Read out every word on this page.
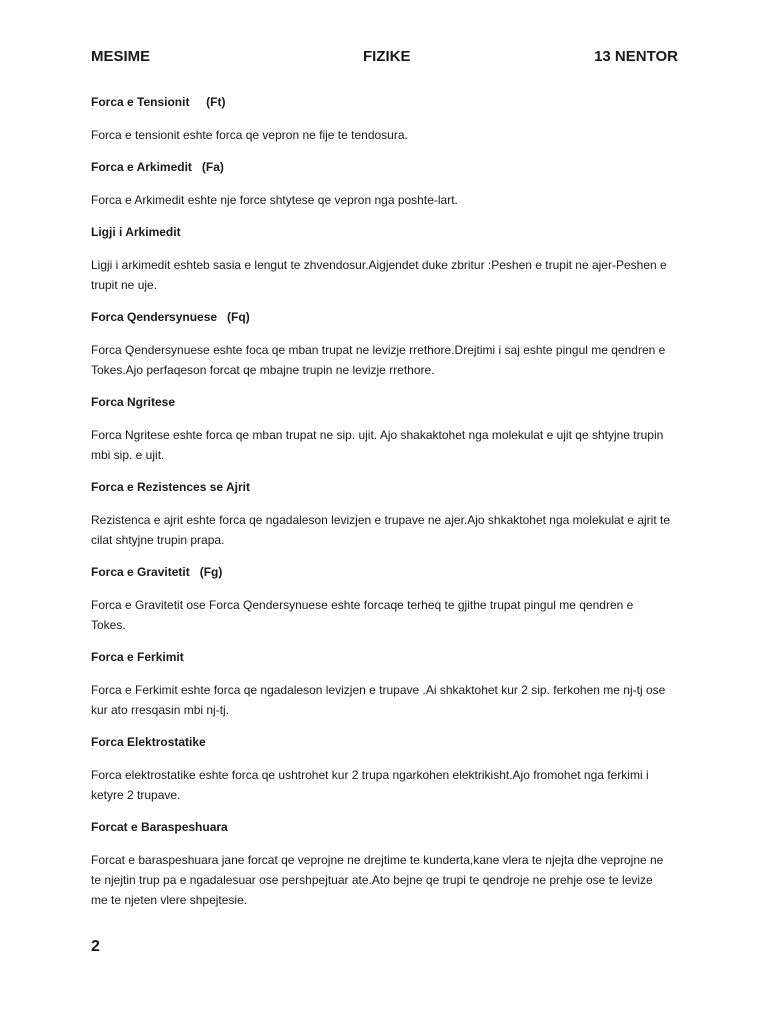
MESIME	FIZIKE	13 NENTOR
Forca e Tensionit     (Ft)
Forca e tensionit eshte forca qe vepron ne fije te tendosura.
Forca e Arkimedit   (Fa)
Forca e Arkimedit eshte nje force shtytese qe vepron nga poshte-lart.
Ligji i Arkimedit
Ligji i arkimedit eshteb sasia e lengut te zhvendosur.Aigjendet duke zbritur :Peshen e trupit ne ajer-Peshen e trupit ne uje.
Forca Qendersynuese   (Fq)
Forca Qendersynuese eshte foca qe mban trupat ne levizje rrethore.Drejtimi i saj eshte pingul me qendren e Tokes.Ajo perfaqeson forcat qe mbajne trupin ne levizje rrethore.
Forca Ngritese
Forca Ngritese eshte forca qe mban trupat ne sip. ujit. Ajo shakaktohet nga molekulat e ujit qe shtyjne trupin mbi sip. e ujit.
Forca e Rezistences se Ajrit
Rezistenca e ajrit eshte forca qe ngadaleson levizjen e trupave ne ajer.Ajo shkaktohet nga molekulat e ajrit te cilat shtyjne trupin prapa.
Forca e Gravitetit   (Fg)
Forca e Gravitetit ose Forca Qendersynuese eshte forcaqe terheq te gjithe trupat pingul me qendren e Tokes.
Forca e Ferkimit
Forca e Ferkimit eshte forca qe ngadaleson levizjen e trupave .Ai shkaktohet kur 2 sip. ferkohen me nj-tj ose kur ato rresqasin mbi nj-tj.
Forca Elektrostatike
Forca elektrostatike eshte forca qe ushtrohet kur 2 trupa ngarkohen elektrikisht.Ajo fromohet nga ferkimi i ketyre 2 trupave.
Forcat e Baraspeshuara
Forcat e baraspeshuara jane forcat qe veprojne ne drejtime te kunderta,kane vlera te njejta dhe veprojne ne te njejtin trup pa e ngadalesuar ose pershpejtuar ate.Ato bejne qe trupi te qendroje ne prehje ose te levize me te njeten vlere shpejtesie.
2
